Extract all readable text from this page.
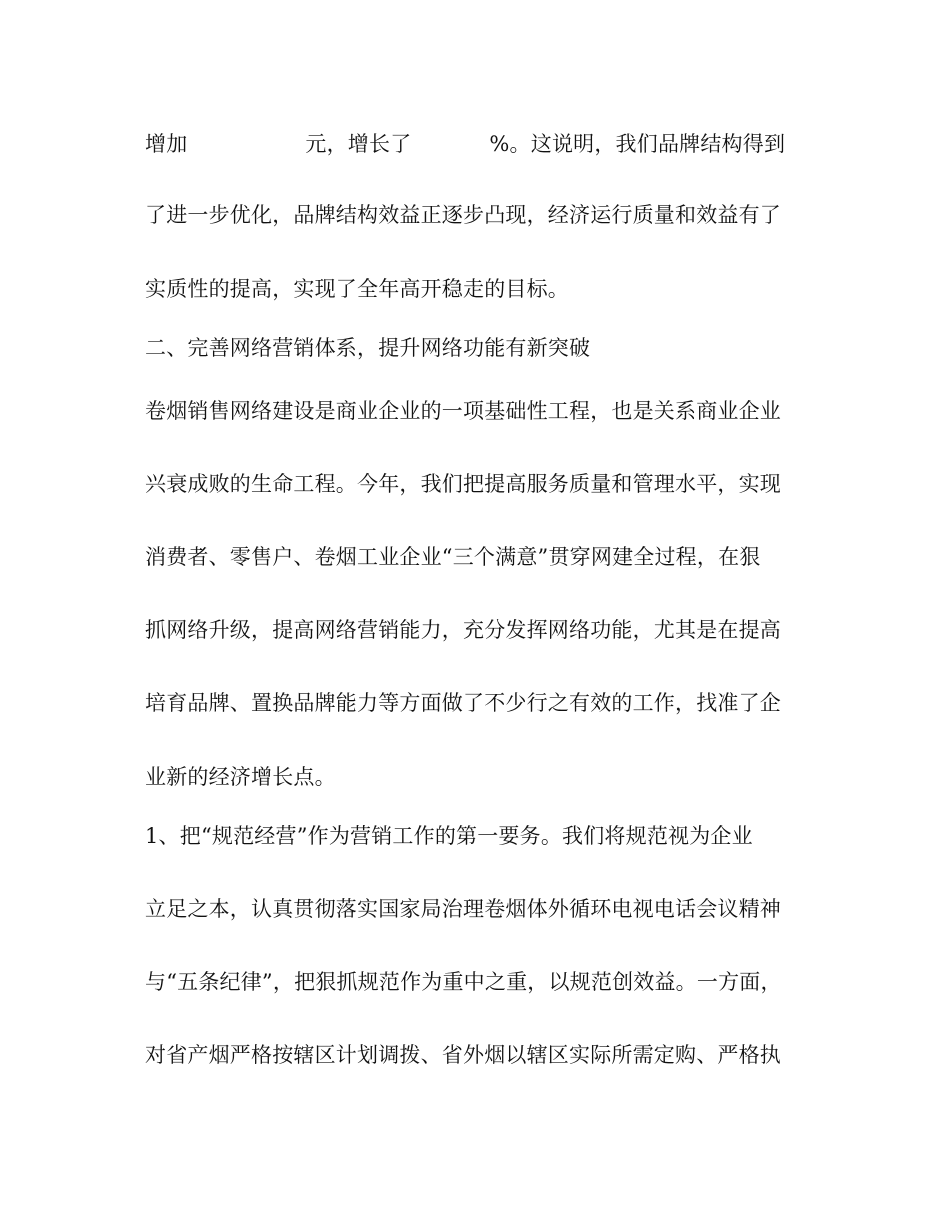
增加	元，增长了	%。这说明，我们品牌结构得到
了进一步优化，品牌结构效益正逐步凸现，经济运行质量和效益有了
实质性的提高，实现了全年高开稳走的目标。
二、完善网络营销体系，提升网络功能有新突破
卷烟销售网络建设是商业企业的一项基础性工程，也是关系商业企业
兴衰成败的生命工程。今年，我们把提高服务质量和管理水平，实现
消费者、零售户、卷烟工业企业“三个满意”贯穿网建全过程，在狠
抓网络升级，提高网络营销能力，充分发挥网络功能，尤其是在提高
培育品牌、置换品牌能力等方面做了不少行之有效的工作，找准了企
业新的经济增长点。
1、把“规范经营”作为营销工作的第一要务。我们将规范视为企业
立足之本，认真贯彻落实国家局治理卷烟体外循环电视电话会议精神
与“五条纪律”，把狠抓规范作为重中之重，以规范创效益。一方面，
对省产烟严格按辖区计划调拨、省外烟以辖区实际所需定购、严格执
